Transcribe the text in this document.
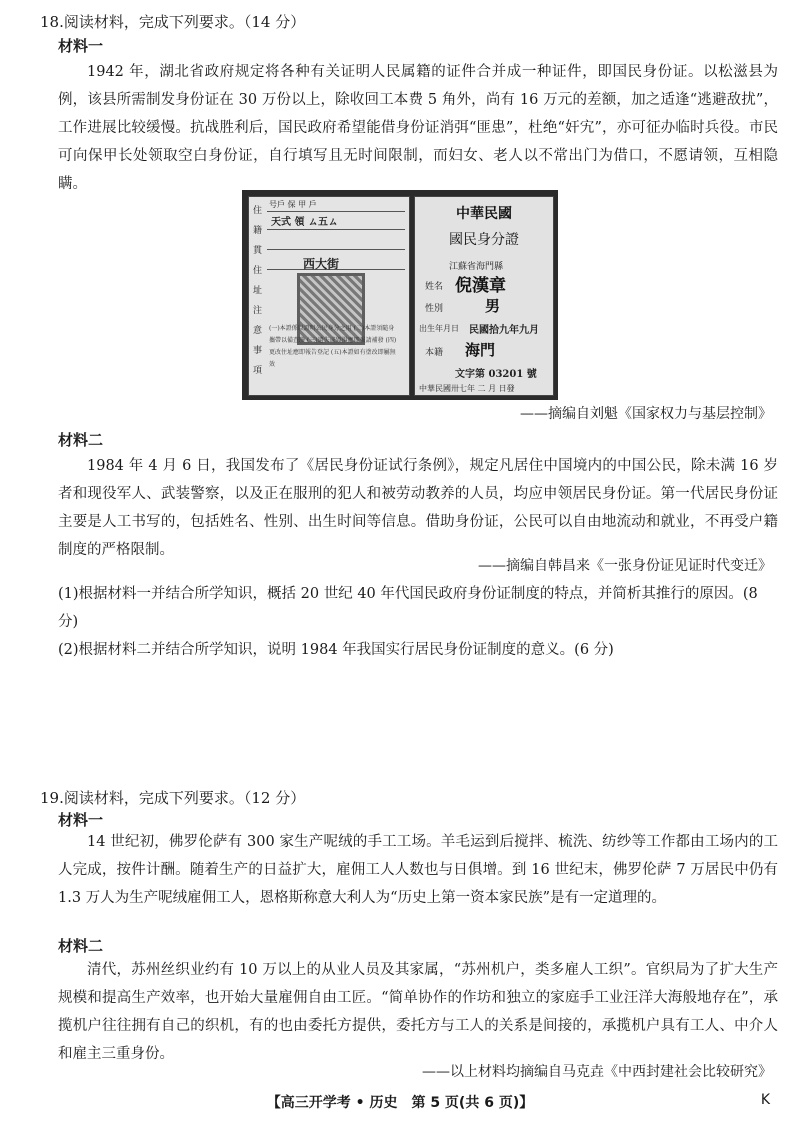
18.阅读材料，完成下列要求。（14 分）
材料一

1942 年，湖北省政府规定将各种有关证明人民属籍的证件合并成一种证件，即国民身份证。以松滋县为例，该县所需制发身份证在 30 万份以上，除收回工本费 5 角外，尚有 16 万元的差额，加之适逢“逃避敌扰”，工作进展比较缓慢。抗战胜利后，国民政府希望能借身份证消弭“匪患”，杜绝“奸宄”，亦可征办临时兵役。市民可向保甲长处领取空白身份证，自行填写且无时间限制，而妇女、老人以不常出门为借口，不愿请领，互相隐瞒。

号戶 保 甲 戶
天式 領 ㄙ五ㄙ
西大街
住
籍
貫
住
址
注
意
事
項
(一)本證係以證明公民身分之用 (二)本證須隨身攜帶以備查驗 (三)遺失或毀損應即報請補發 (四)更改住址應即報告登記 (五)本證如有塗改即屬無效
中華民國
國民身分證
江蘇省海門縣
姓名 倪漢章
性別	男
出生年月日 民國拾九年九月
本籍 海門
文字第 03201 號
中華民國卅七年 二 月 日發
——摘编自刘魁《国家权力与基层控制》
材料二

1984 年 4 月 6 日，我国发布了《居民身份证试行条例》，规定凡居住中国境内的中国公民，除未满 16 岁者和现役军人、武装警察，以及正在服刑的犯人和被劳动教养的人员，均应申领居民身份证。第一代居民身份证主要是人工书写的，包括姓名、性别、出生时间等信息。借助身份证，公民可以自由地流动和就业，不再受户籍制度的严格限制。

——摘编自韩昌来《一张身份证见证时代变迁》

(1)根据材料一并结合所学知识，概括 20 世纪 40 年代国民政府身份证制度的特点，并简析其推行的原因。(8 分)

(2)根据材料二并结合所学知识，说明 1984 年我国实行居民身份证制度的意义。(6 分)

19.阅读材料，完成下列要求。（12 分）
材料一

14 世纪初，佛罗伦萨有 300 家生产呢绒的手工工场。羊毛运到后搅拌、梳洗、纺纱等工作都由工场内的工人完成，按件计酬。随着生产的日益扩大，雇佣工人人数也与日俱增。到 16 世纪末，佛罗伦萨 7 万居民中仍有 1.3 万人为生产呢绒雇佣工人，恩格斯称意大利人为“历史上第一资本家民族”是有一定道理的。

材料二

清代，苏州丝织业约有 10 万以上的从业人员及其家属，“苏州机户，类多雇人工织”。官织局为了扩大生产规模和提高生产效率，也开始大量雇佣自由工匠。“简单协作的作坊和独立的家庭手工业汪洋大海般地存在”，承揽机户往往拥有自己的织机，有的也由委托方提供，委托方与工人的关系是间接的，承揽机户具有工人、中介人和雇主三重身份。

——以上材料均摘编自马克垚《中西封建社会比较研究》
【高三开学考 • 历史　第 5 页(共 6 页)】	K
